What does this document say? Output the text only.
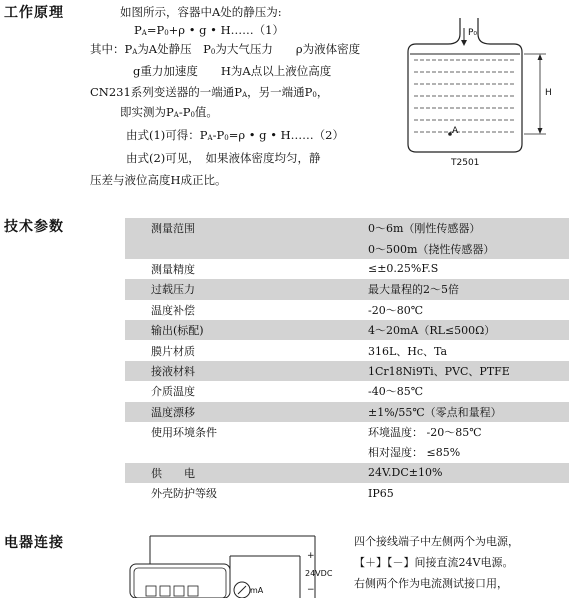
工作原理	如图所示，容器中A处的静压为:
$P_A=P_0+\rho$ • g • H……（1）
其中：$P_A$为A处静压　$P_0$为大气压力　　ρ为液体密度
g重力加速度　　H为A点以上液位高度
CN231系列变送器的一端通$P_A$，另一端通$P_0$，
即实测为$P_A-P_0$值。
由式(1)可得：$P_A-P_0=\rho$ • g • H……（2）
由式(2)可见，　如果液体密度均匀，静
压差与液位高度H成正比。
P₀
H
A
T2501
技术参数	测量范围	0～6m（刚性传感器）
	0～500m（挠性传感器）
测量精度	≤±0.25%F.S
过载压力	最大量程的2～5倍
温度补偿	-20～80℃
输出(标配)	4～20mA（RL≤500Ω）
膜片材质	316L、Hc、Ta
接液材料	1Cr18Ni9Ti、PVC、PTFE
介质温度	-40～85℃
温度漂移	±1%/55℃（零点和量程）
使用环境条件	环境温度： -20～85℃
	相对湿度： ≤85%
供　　电	24V.DC±10%
外壳防护等级	IP65
电器连接
+
24VDC
−
mA
四个接线端子中左侧两个为电源，
【＋】【－】间接直流24V电源。
右侧两个作为电流测试接口用，
